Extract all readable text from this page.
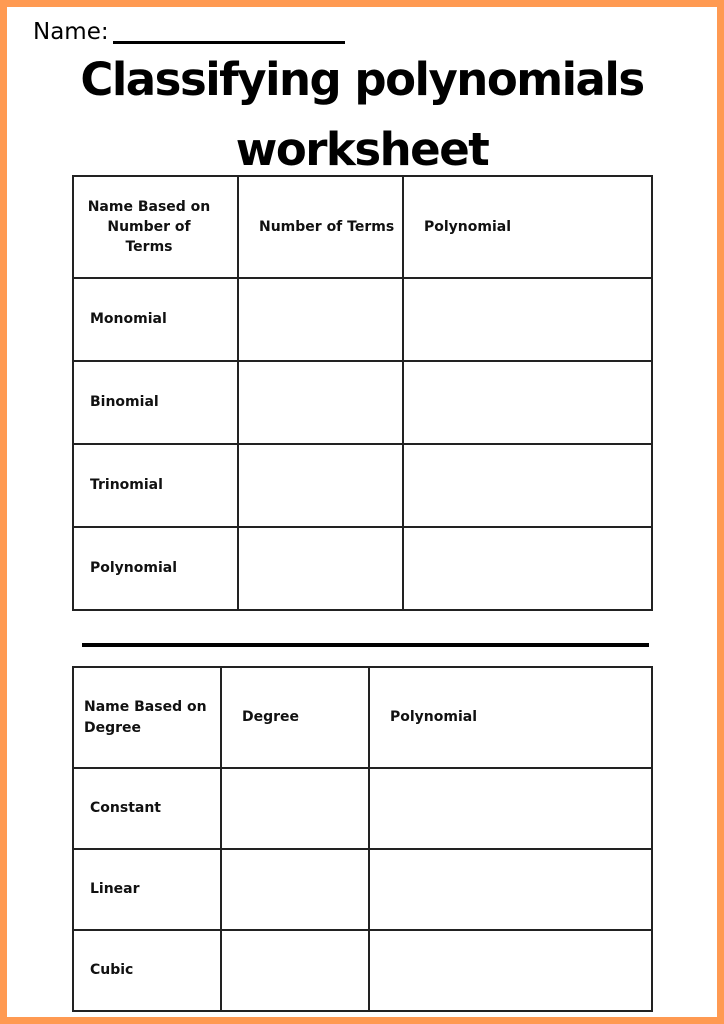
Name:
Classifying polynomials
worksheet
Name Based on Number of Terms	Number of Terms	Polynomial
Monomial		
Binomial		
Trinomial		
Polynomial		
Name Based on Degree	Degree	Polynomial
Constant		
Linear		
Cubic		
